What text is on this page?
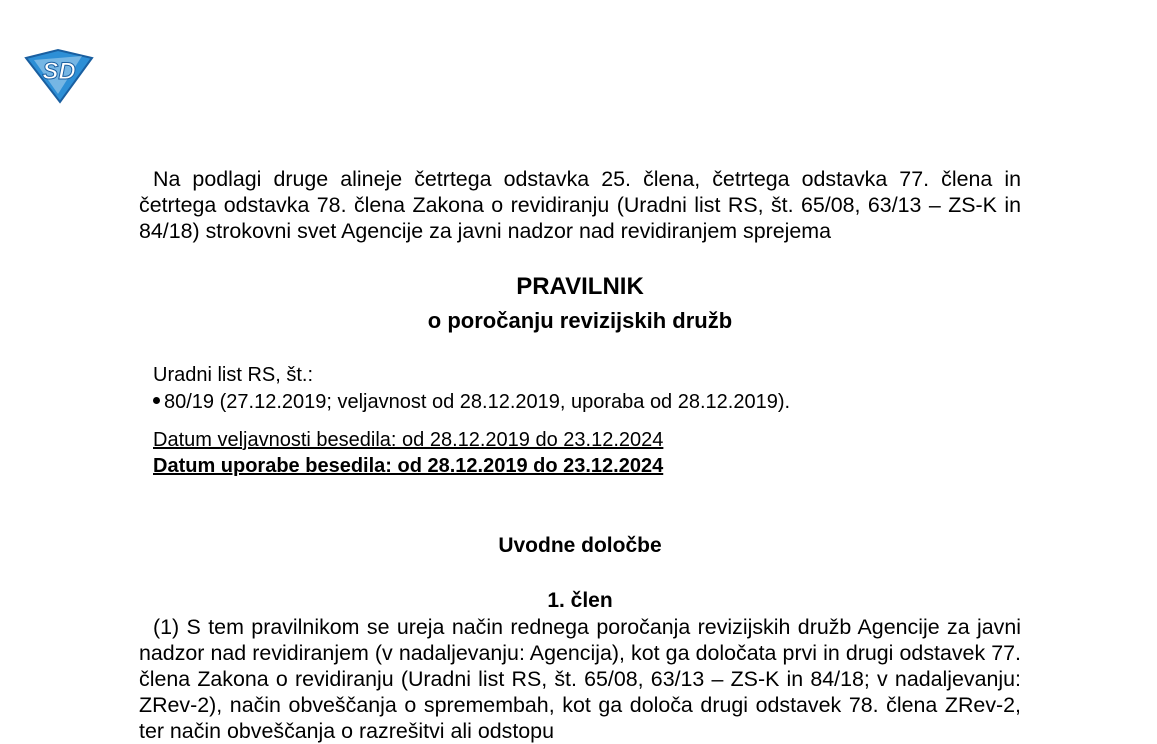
SD
Na podlagi druge alineje četrtega odstavka 25. člena, četrtega odstavka 77. člena in četrtega odstavka 78. člena Zakona o revidiranju (Uradni list RS, št. 65/08, 63/13 – ZS-K in 84/18) strokovni svet Agencije za javni nadzor nad revidiranjem sprejema
PRAVILNIK
o poročanju revizijskih družb
Uradni list RS, št.:
80/19 (27.12.2019; veljavnost od 28.12.2019, uporaba od 28.12.2019).
Datum veljavnosti besedila: od 28.12.2019 do 23.12.2024
Datum uporabe besedila: od 28.12.2019 do 23.12.2024
Uvodne določbe
1. člen
(1) S tem pravilnikom se ureja način rednega poročanja revizijskih družb Agencije za javni nadzor nad revidiranjem (v nadaljevanju: Agencija), kot ga določata prvi in drugi odstavek 77. člena Zakona o revidiranju (Uradni list RS, št. 65/08, 63/13 – ZS-K in 84/18; v nadaljevanju: ZRev-2), način obveščanja o spremembah, kot ga določa drugi odstavek 78. člena ZRev-2, ter način obveščanja o razrešitvi ali odstopu
